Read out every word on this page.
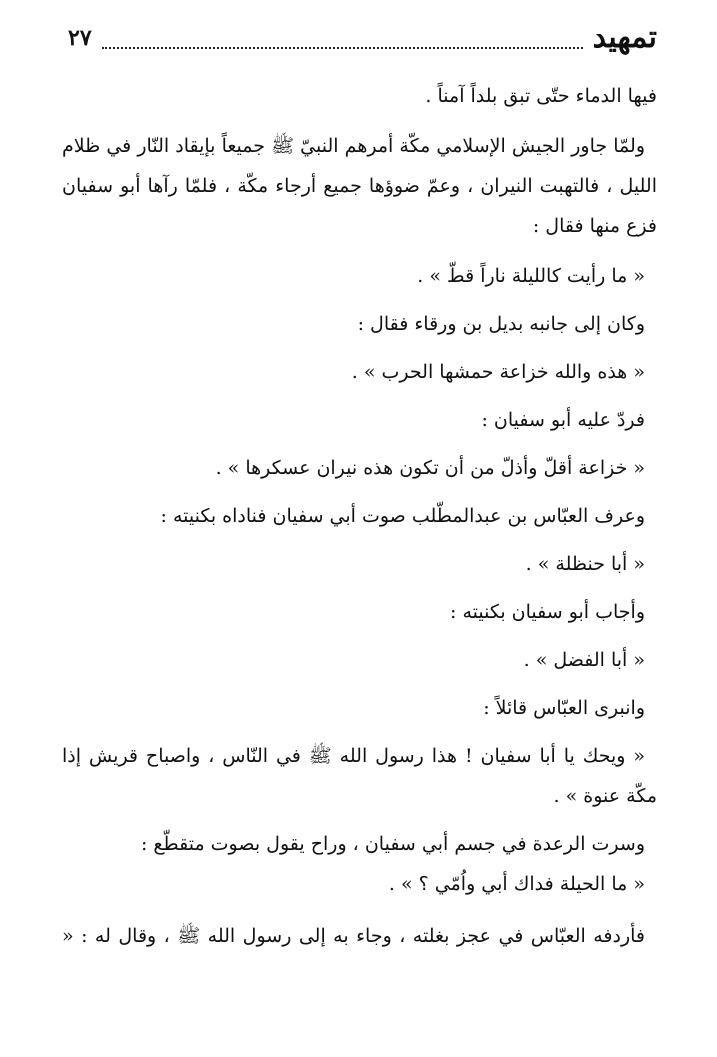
تمهيد
٢٧

فيها الدماء حتّى تبق بلداً آمناً .

ولمّا جاور الجيش الإسلامي مكّة أمرهم النبيّ ﷺ جميعاً بإيقاد النّار في ظلام

الليل ، فالتهبت النيران ، وعمّ ضوؤها جميع أرجاء مكّة ، فلمّا رآها أبو سفيان

فزع منها فقال :

« ما رأيت كالليلة ناراً قطّ » .

وكان إلى جانبه بديل بن ورقاء فقال :

« هذه والله خزاعة حمشها الحرب » .

فردّ عليه أبو سفيان :

« خزاعة أقلّ وأذلّ من أن تكون هذه نيران عسكرها » .

وعرف العبّاس بن عبدالمطّلب صوت أبي سفيان فناداه بكنيته :

« أبا حنظلة » .

وأجاب أبو سفيان بكنيته :

« أبا الفضل » .

وانبرى العبّاس قائلاً :

« ويحك يا أبا سفيان ! هذا رسول الله ﷺ في النّاس ، واصباح قريش إذا

مكّة عنوة » .

وسرت الرعدة في جسم أبي سفيان ، وراح يقول بصوت متقطّع :

« ما الحيلة فداك أبي واُمّي ؟ » .

فأردفه العبّاس في عجز بغلته ، وجاء به إلى رسول الله ﷺ ، وقال له : «
